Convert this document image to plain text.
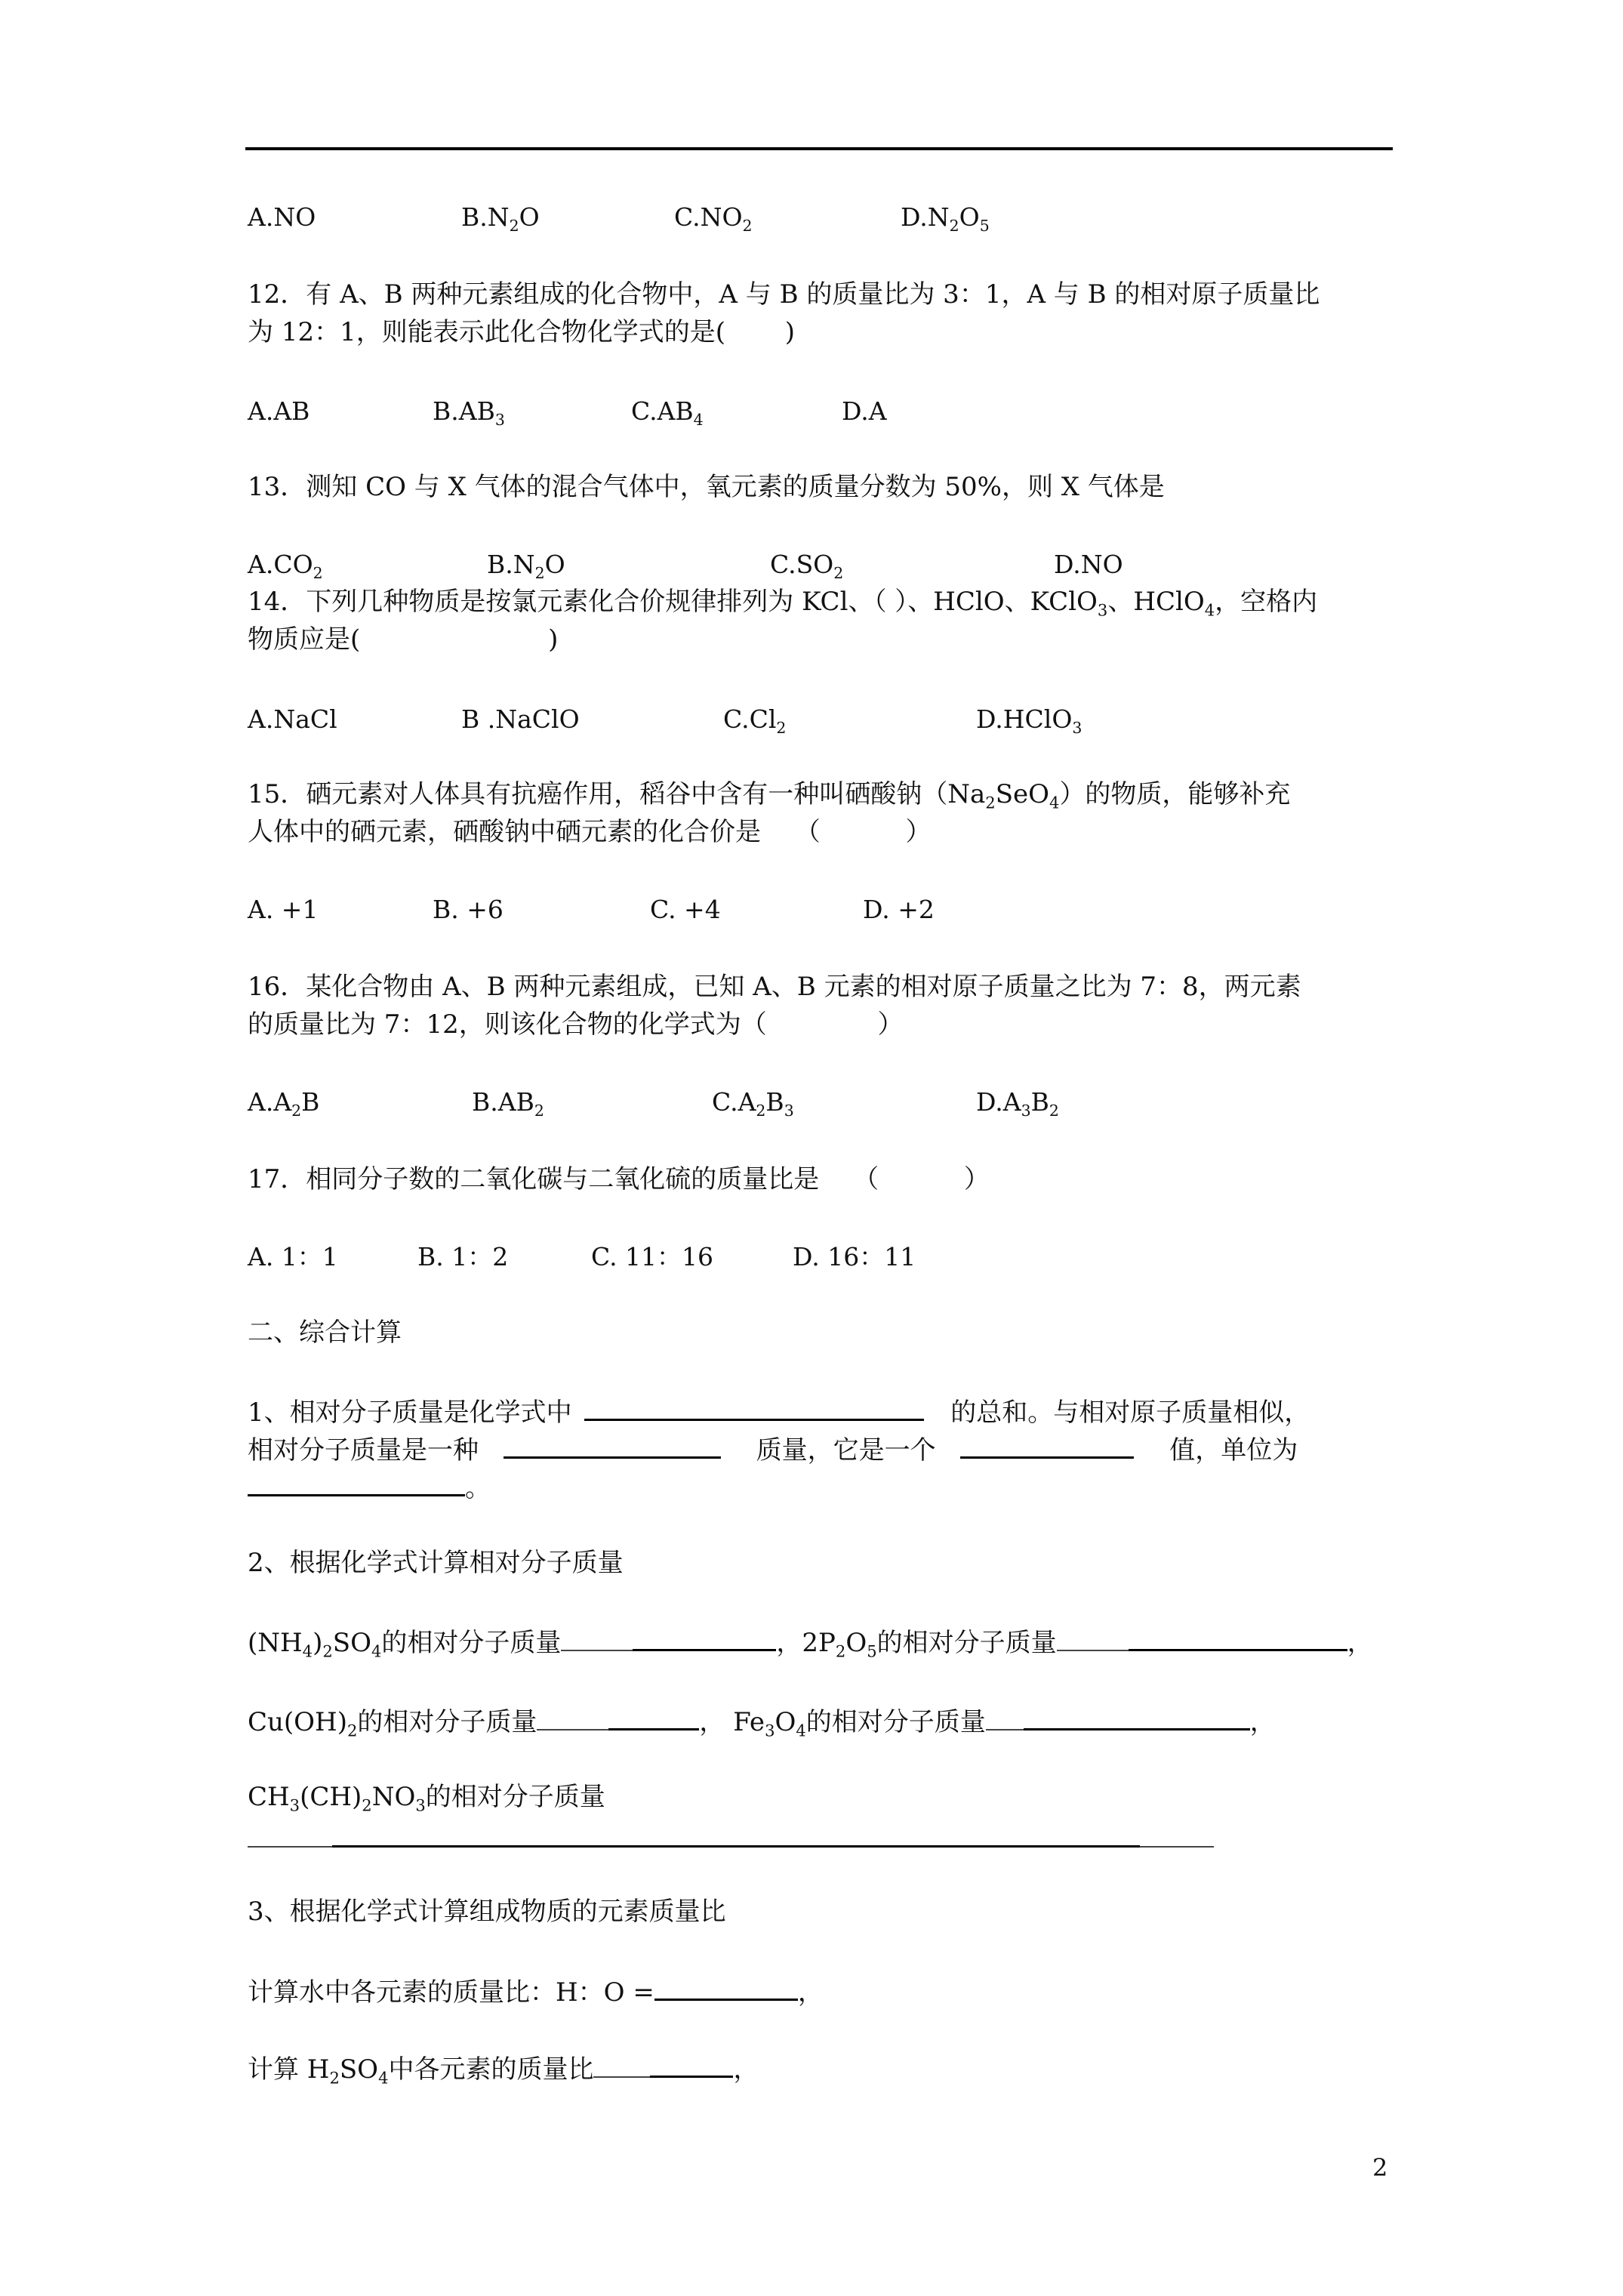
A.NO	$B.N_2O$	$C.NO_2$	$D.N_2O_5$
12．有 A、B 两种元素组成的化合物中，A 与 B 的质量比为 3：1，A 与 B 的相对原子质量比
为 12：1，则能表示此化合物化学式的是(　　 )
A.AB	$B.AB_3$	$C.AB_4$	D.A
13．测知 CO 与 X 气体的混合气体中，氧元素的质量分数为 50%，则 X 气体是
$A.CO_2$	$B.N_2O$	$C.SO_2$	D.NO
14．下列几种物质是按氯元素化合价规律排列为 KCl、（ ）、HClO、KClO$_3$、HClO$_4$，空格内
物质应是(　　　　　　　 )
A.NaCl	B .NaClO	$C.Cl_2$	D.HClO$_3$
15．硒元素对人体具有抗癌作用，稻谷中含有一种叫硒酸钠$(Na_2SeO_4)$的物质，能够补充
人体中的硒元素，硒酸钠中硒元素的化合价是　 （　　　 ）
A. +1	B. +6	C. +4	D. +2
16．某化合物由 A、B 两种元素组成，已知 A、B 元素的相对原子质量之比为 7：8，两元素
的质量比为 7：12，则该化合物的化学式为（　　　　 ）
$A.A_2B$	$B.AB_2$	$C.A_2B_3$	$D.A_3B_2$
17．相同分子数的二氧化碳与二氧化硫的质量比是　 （　　　 ）
A. 1：1	B. 1：2	C. 11：16	D. 16：11
二、综合计算
1、相对分子质量是化学式中	的总和。与相对原子质量相似，
相对分子质量是一种	质量，它是一个	值，单位为
。
2、根据化学式计算相对分子质量
$(NH_4)_2SO_4$的相对分子质量	，$2P_2O_5$的相对分子质量	，
$Cu(OH)_2$的相对分子质量	， $Fe_3O_4$的相对分子质量	，
$CH_3(CH)_2NO_3$的相对分子质量
3、根据化学式计算组成物质的元素质量比
计算水中各元素的质量比：H：O =	，
计算 $H_2SO_4$中各元素的质量比	，
2
